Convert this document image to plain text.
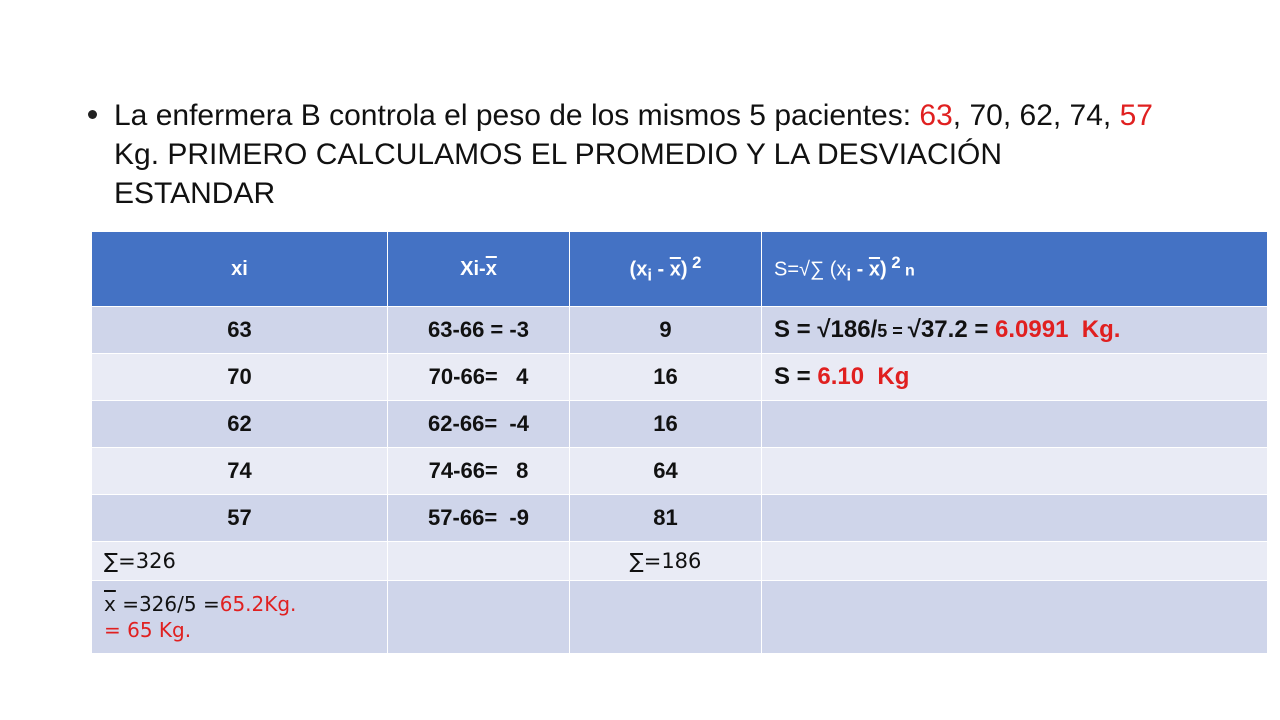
La enfermera B controla el peso de los mismos 5 pacientes: 63, 70, 62, 74, 57 Kg. PRIMERO CALCULAMOS EL PROMEDIO Y LA DESVIACIÓN ESTANDAR
xi	$Xi-\overline{x}$	$(x_i - \overline{x})$ $^2$	S=√∑ $(x_i - \overline{x})$ $^2$ n
63	63-66 = -3	9	S = √186/5 = √37.2 = 6.0991  Kg.
70	70-66=   4	16	S = 6.10  Kg
62	62-66=  -4	16	
74	74-66=   8	64	
57	57-66=  -9	81	
∑=326		∑=186	
$\overline{x} =326/5 =65.2Kg$.
= 65 Kg.			
